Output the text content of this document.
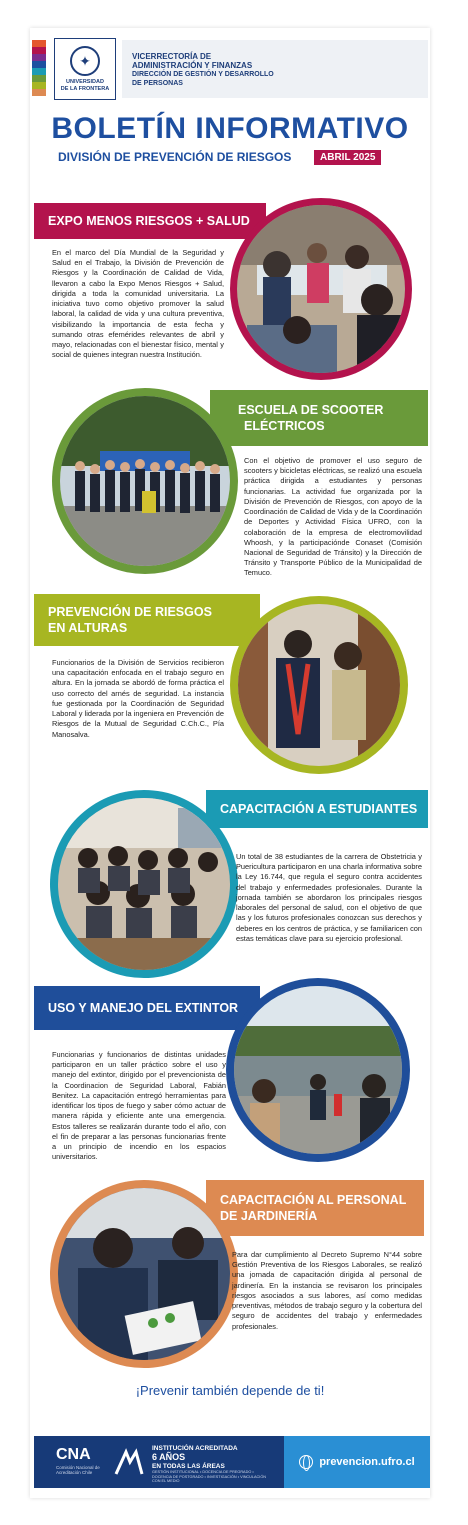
✦
UNIVERSIDAD
DE LA FRONTERA
VICERRECTORÍA DE
ADMINISTRACIÓN Y FINANZAS
DIRECCIÓN DE GESTIÓN Y DESARROLLO
DE PERSONAS
BOLETÍN INFORMATIVO
DIVISIÓN DE PREVENCIÓN DE RIESGOS	ABRIL 2025
EXPO MENOS RIESGOS + SALUD
En el marco del Día Mundial de la Seguridad y Salud en el Trabajo, la División de Prevención de Riesgos y la Coordinación de Calidad de Vida, llevaron a cabo la Expo Menos Riesgos + Salud, dirigida a toda la comunidad universitaria. La iniciativa tuvo como objetivo promover la salud laboral, la calidad de vida y una cultura preventiva, visibilizando la importancia de esta fecha y sumando otras efemérides relevantes de abril y mayo, relacionadas con el bienestar físico, mental y social de quienes integran nuestra Institución.
ESCUELA DE SCOOTER
ELÉCTRICOS
Con el objetivo de promover el uso seguro de scooters y bicicletas eléctricas, se realizó una escuela práctica dirigida a estudiantes y personas funcionarias. La actividad fue organizada por la División de Prevención de Riesgos, con apoyo de la Coordinación de Calidad de Vida y de la Coordinación de Deportes y Actividad Física UFRO, con la colaboración de la empresa de electromovilidad Whoosh, y la participaciónde Conaset (Comisión Nacional de Seguridad de Tránsito) y la Dirección de Tránsito y Transporte Público de la Municipalidad de Temuco.
PREVENCIÓN DE RIESGOS
EN ALTURAS
Funcionarios de la División de Servicios recibieron una capacitación enfocada en el trabajo seguro en altura. En la jornada se abordó de forma práctica el uso correcto del arnés de seguridad. La instancia fue gestionada por la Coordinación de Seguridad Laboral y liderada por la ingeniera en Prevención de Riesgos de la Mutual de Seguridad C.Ch.C., Pía Manosalva.
CAPACITACIÓN A ESTUDIANTES
Un total de 38 estudiantes de la carrera de Obstetricia y Puericultura participaron en una charla informativa sobre la Ley 16.744, que regula el seguro contra accidentes del trabajo y enfermedades profesionales. Durante la jornada también se abordaron los principales riesgos laborales del personal de salud, con el objetivo de que las y los futuros profesionales conozcan sus derechos y deberes en los centros de práctica, y se familiaricen con estas temáticas clave para su ejercicio profesional.
USO Y MANEJO DEL EXTINTOR
Funcionarias y funcionarios de distintas unidades participaron en un taller práctico sobre el uso y manejo del extintor, dirigido por el prevencionista de la Coordinacion de Seguridad Laboral, Fabián Benitez. La capacitación entregó herramientas para identificar los tipos de fuego y saber cómo actuar de manera rápida y eficiente ante una emergencia. Estos talleres se realizarán durante todo el año, con el fin de preparar a las personas funcionarias frente a un principio de incendio en los espacios universitarios.
CAPACITACIÓN AL PERSONAL
DE JARDINERÍA
Para dar cumplimiento al Decreto Supremo N°44 sobre Gestión Preventiva de los Riesgos Laborales, se realizó una jornada de capacitación dirigida al personal de jardinería. En la instancia se revisaron los principales riesgos asociados a sus labores, así como medidas preventivas, métodos de trabajo seguro y la cobertura del seguro de accidentes del trabajo y enfermedades profesionales.
¡Prevenir también depende de ti!
CNA
Comisión Nacional de Acreditación Chile
INSTITUCIÓN ACREDITADA
6 AÑOS
EN TODAS LAS ÁREAS
GESTIÓN INSTITUCIONAL • DOCENCIA DE PREGRADO • DOCENCIA DE POSTGRADO • INVESTIGACIÓN • VINCULACIÓN CON EL MEDIO
prevencion.ufro.cl
